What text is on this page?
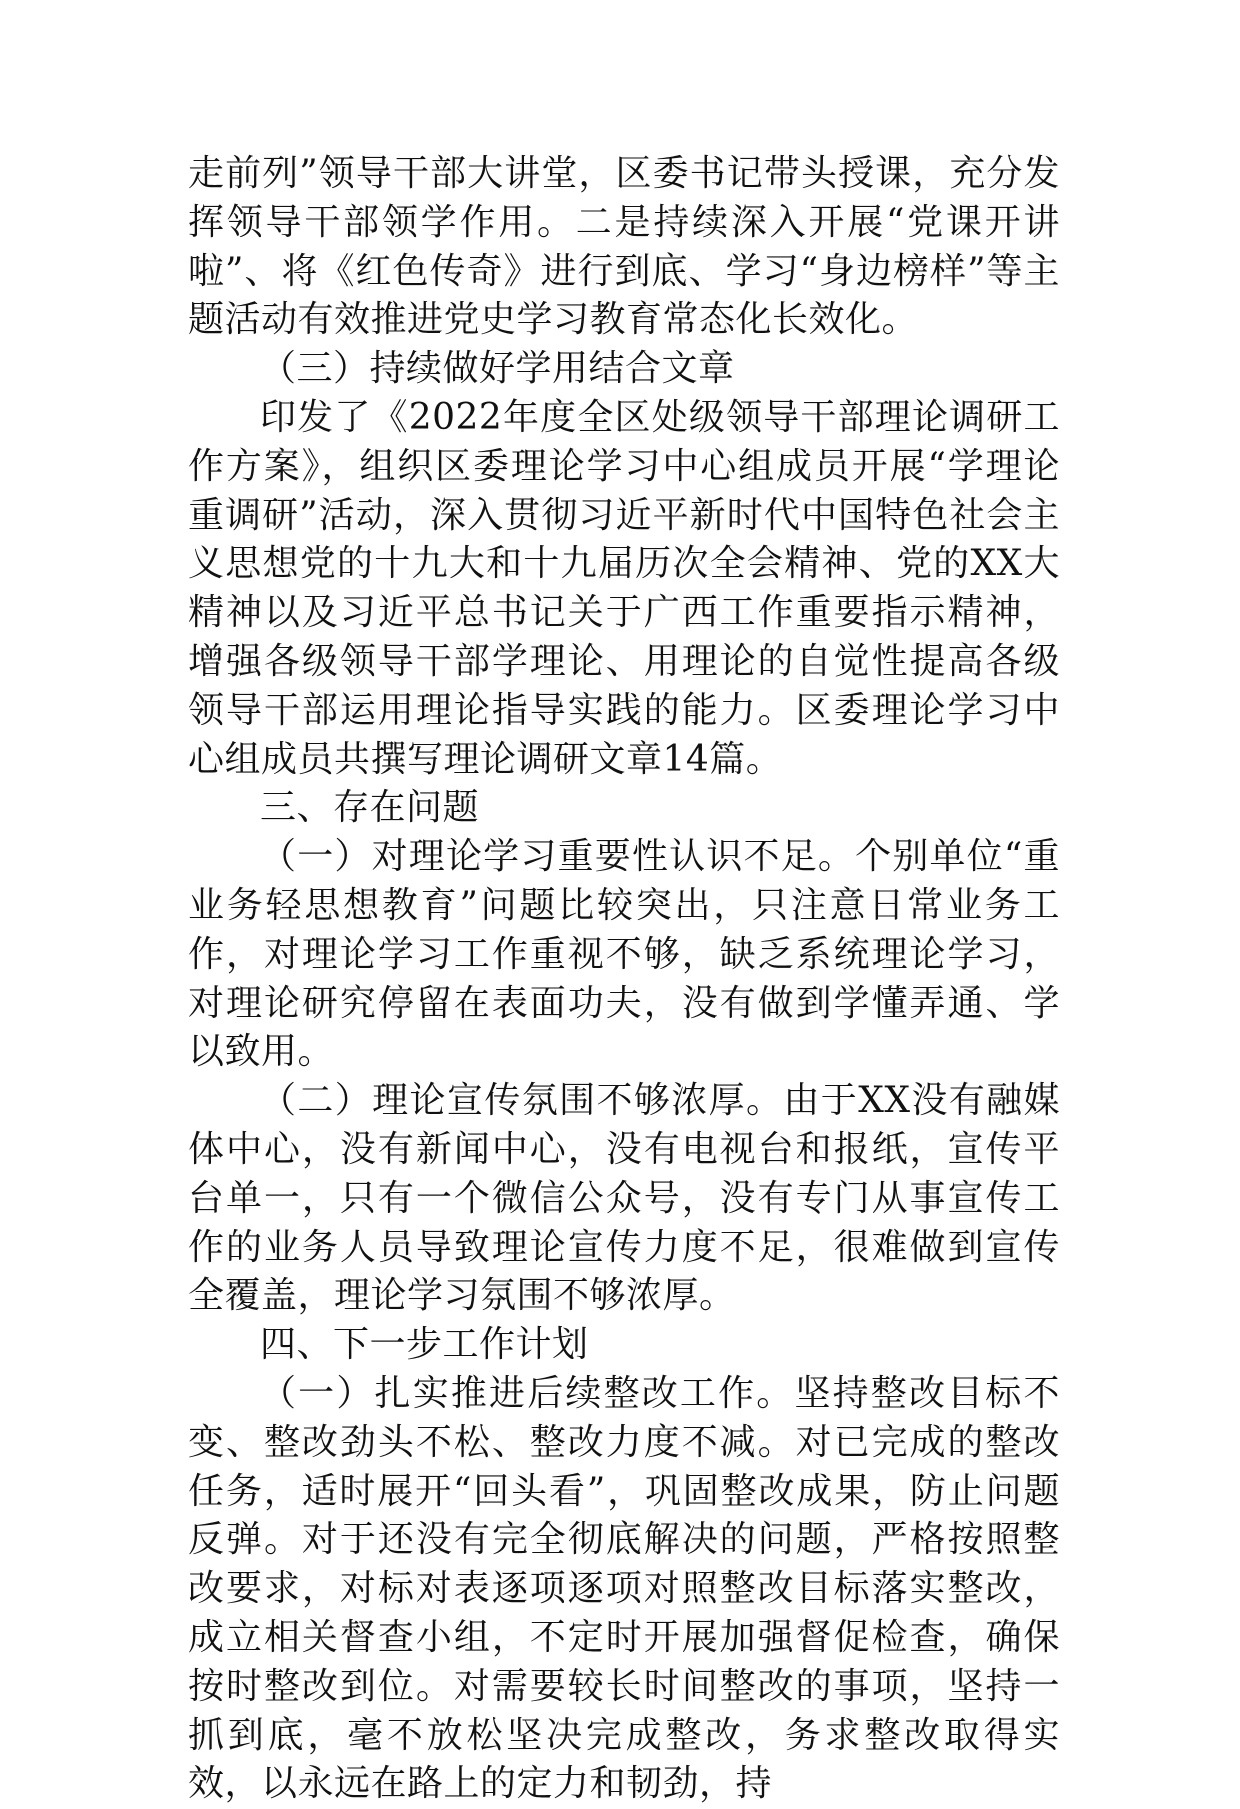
走前列”领导干部大讲堂，区委书记带头授课，充分发挥领导干部领学作用。二是持续深入开展“党课开讲啦”、将《红色传奇》进行到底、学习“身边榜样”等主题活动有效推进党史学习教育常态化长效化。

（三）持续做好学用结合文章

印发了《2022年度全区处级领导干部理论调研工作方案》，组织区委理论学习中心组成员开展“学理论重调研”活动，深入贯彻习近平新时代中国特色社会主义思想党的十九大和十九届历次全会精神、党的XX大精神以及习近平总书记关于广西工作重要指示精神，增强各级领导干部学理论、用理论的自觉性提高各级领导干部运用理论指导实践的能力。区委理论学习中心组成员共撰写理论调研文章14篇。

三、存在问题

（一）对理论学习重要性认识不足。个别单位“重业务轻思想教育”问题比较突出，只注意日常业务工作，对理论学习工作重视不够，缺乏系统理论学习，对理论研究停留在表面功夫，没有做到学懂弄通、学以致用。

（二）理论宣传氛围不够浓厚。由于XX没有融媒体中心，没有新闻中心，没有电视台和报纸，宣传平台单一，只有一个微信公众号，没有专门从事宣传工作的业务人员导致理论宣传力度不足，很难做到宣传全覆盖，理论学习氛围不够浓厚。

四、下一步工作计划

（一）扎实推进后续整改工作。坚持整改目标不变、整改劲头不松、整改力度不减。对已完成的整改任务，适时展开“回头看”，巩固整改成果，防止问题反弹。对于还没有完全彻底解决的问题，严格按照整改要求，对标对表逐项逐项对照整改目标落实整改，成立相关督查小组，不定时开展加强督促检查，确保按时整改到位。对需要较长时间整改的事项，坚持一抓到底，毫不放松坚决完成整改，务求整改取得实效，以永远在路上的定力和韧劲，持
